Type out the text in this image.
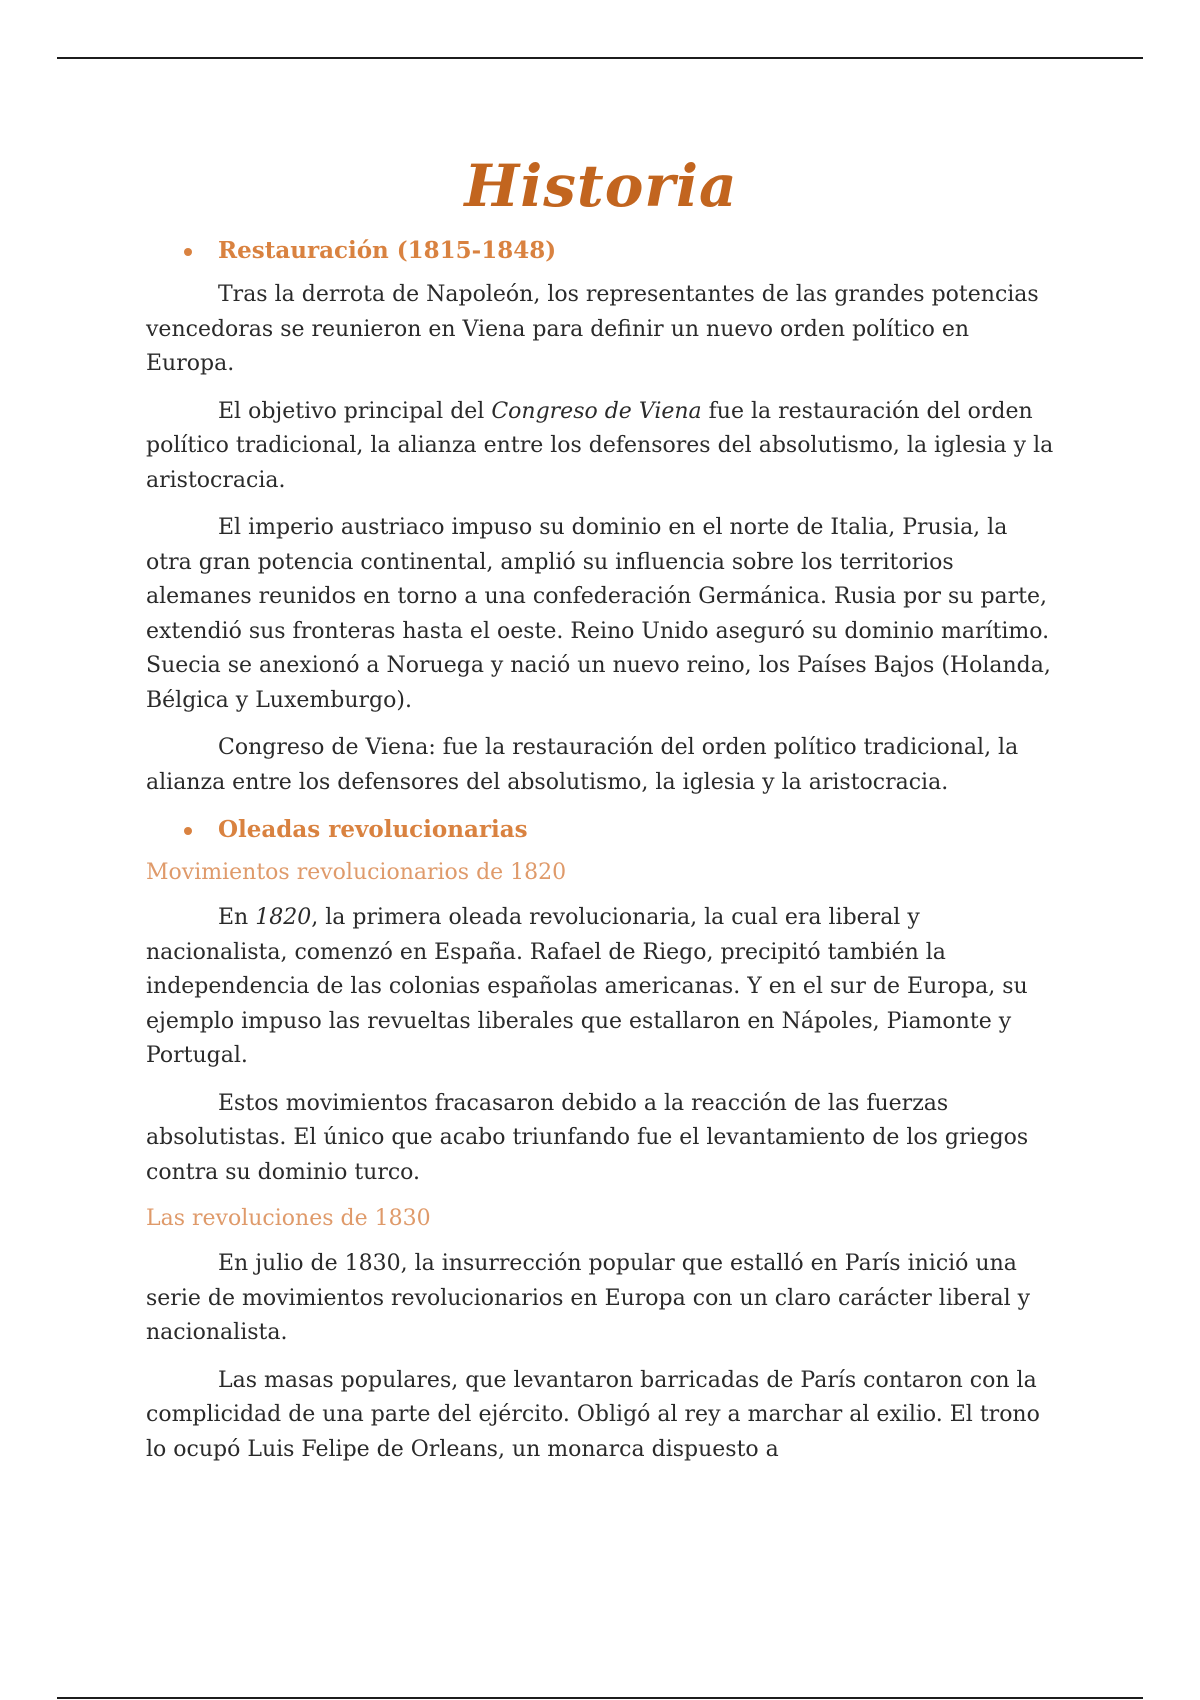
Historia
Restauración (1815-1848)

Tras la derrota de Napoleón, los representantes de las grandes potencias vencedoras se reunieron en Viena para definir un nuevo orden político en Europa.

El objetivo principal del Congreso de Viena fue la restauración del orden político tradicional, la alianza entre los defensores del absolutismo, la iglesia y la aristocracia.

El imperio austriaco impuso su dominio en el norte de Italia, Prusia, la otra gran potencia continental, amplió su influencia sobre los territorios alemanes reunidos en torno a una confederación Germánica. Rusia por su parte, extendió sus fronteras hasta el oeste. Reino Unido aseguró su dominio marítimo. Suecia se anexionó a Noruega y nació un nuevo reino, los Países Bajos (Holanda, Bélgica y Luxemburgo).

Congreso de Viena: fue la restauración del orden político tradicional, la alianza entre los defensores del absolutismo, la iglesia y la aristocracia.

Oleadas revolucionarias
Movimientos revolucionarios de 1820

En 1820, la primera oleada revolucionaria, la cual era liberal y nacionalista, comenzó en España. Rafael de Riego, precipitó también la independencia de las colonias españolas americanas. Y en el sur de Europa, su ejemplo impuso las revueltas liberales que estallaron en Nápoles, Piamonte y Portugal.

Estos movimientos fracasaron debido a la reacción de las fuerzas absolutistas. El único que acabo triunfando fue el levantamiento de los griegos contra su dominio turco.

Las revoluciones de 1830

En julio de 1830, la insurrección popular que estalló en París inició una serie de movimientos revolucionarios en Europa con un claro carácter liberal y nacionalista.

Las masas populares, que levantaron barricadas de París contaron con la complicidad de una parte del ejército. Obligó al rey a marchar al exilio. El trono lo ocupó Luis Felipe de Orleans, un monarca dispuesto a
